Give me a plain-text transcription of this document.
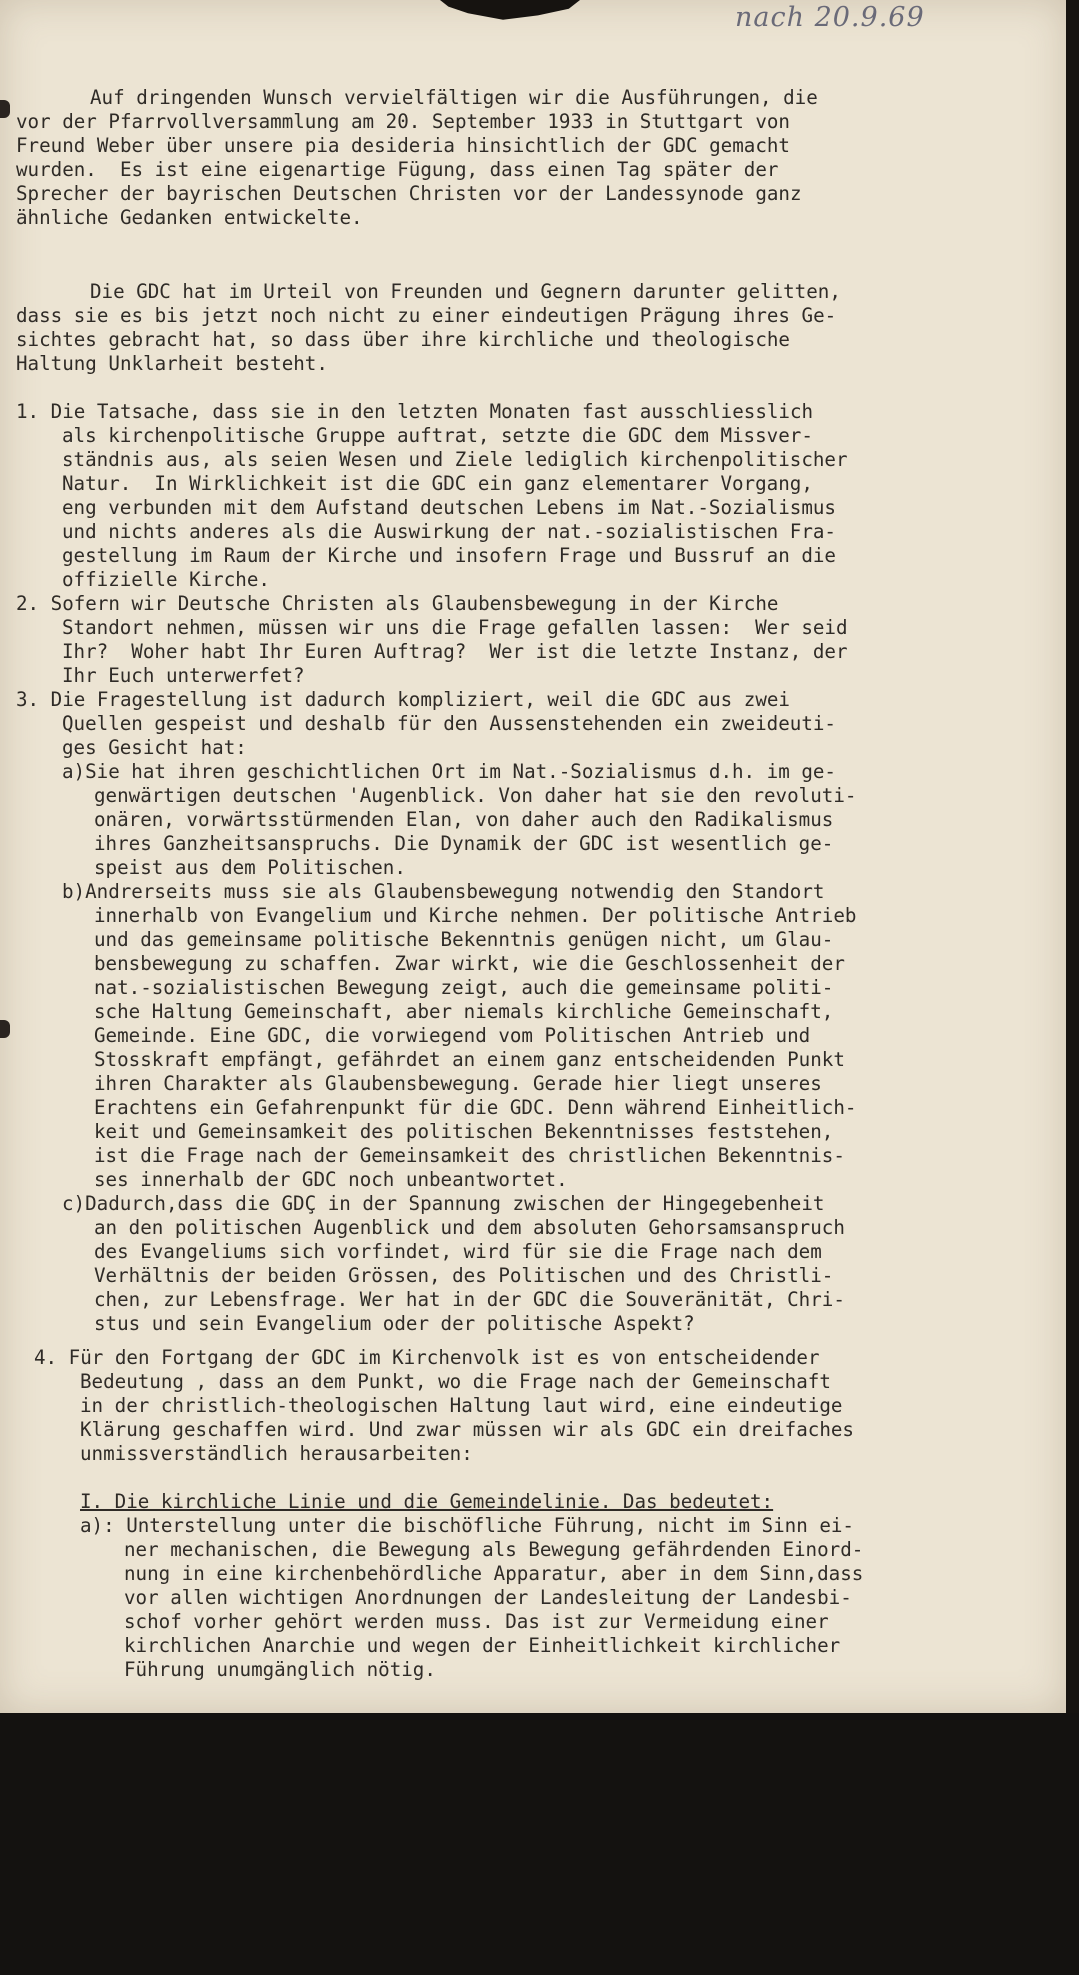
nach 20.9.69

Auf dringenden Wunsch vervielfältigen wir die Ausführungen, die

vor der Pfarrvollversammlung am 20. September 1933 in Stuttgart von

Freund Weber über unsere pia desideria hinsichtlich der GDC gemacht

wurden.  Es ist eine eigenartige Fügung, dass einen Tag später der

Sprecher der bayrischen Deutschen Christen vor der Landessynode ganz

ähnliche Gedanken entwickelte.

Die GDC hat im Urteil von Freunden und Gegnern darunter gelitten,

dass sie es bis jetzt noch nicht zu einer eindeutigen Prägung ihres Ge-

sichtes gebracht hat, so dass über ihre kirchliche und theologische

Haltung Unklarheit besteht.

1. Die Tatsache, dass sie in den letzten Monaten fast ausschliesslich

als kirchenpolitische Gruppe auftrat, setzte die GDC dem Missver-

ständnis aus, als seien Wesen und Ziele lediglich kirchenpolitischer

Natur.  In Wirklichkeit ist die GDC ein ganz elementarer Vorgang,

eng verbunden mit dem Aufstand deutschen Lebens im Nat.-Sozialismus

und nichts anderes als die Auswirkung der nat.-sozialistischen Fra-

gestellung im Raum der Kirche und insofern Frage und Bussruf an die

offizielle Kirche.

2. Sofern wir Deutsche Christen als Glaubensbewegung in der Kirche

Standort nehmen, müssen wir uns die Frage gefallen lassen:  Wer seid

Ihr?  Woher habt Ihr Euren Auftrag?  Wer ist die letzte Instanz, der

Ihr Euch unterwerfet?

3. Die Fragestellung ist dadurch kompliziert, weil die GDC aus zwei

Quellen gespeist und deshalb für den Aussenstehenden ein zweideuti-

ges Gesicht hat:

a)Sie hat ihren geschichtlichen Ort im Nat.-Sozialismus d.h. im ge-

genwärtigen deutschen 'Augenblick. Von daher hat sie den revoluti-

onären, vorwärtsstürmenden Elan, von daher auch den Radikalismus

ihres Ganzheitsanspruchs. Die Dynamik der GDC ist wesentlich ge-

speist aus dem Politischen.

b)Andrerseits muss sie als Glaubensbewegung notwendig den Standort

innerhalb von Evangelium und Kirche nehmen. Der politische Antrieb

und das gemeinsame politische Bekenntnis genügen nicht, um Glau-

bensbewegung zu schaffen. Zwar wirkt, wie die Geschlossenheit der

nat.-sozialistischen Bewegung zeigt, auch die gemeinsame politi-

sche Haltung Gemeinschaft, aber niemals kirchliche Gemeinschaft,

Gemeinde. Eine GDC, die vorwiegend vom Politischen Antrieb und

Stosskraft empfängt, gefährdet an einem ganz entscheidenden Punkt

ihren Charakter als Glaubensbewegung. Gerade hier liegt unseres

Erachtens ein Gefahrenpunkt für die GDC. Denn während Einheitlich-

keit und Gemeinsamkeit des politischen Bekenntnisses feststehen,

ist die Frage nach der Gemeinsamkeit des christlichen Bekenntnis-

ses innerhalb der GDC noch unbeantwortet.

c)Dadurch,dass die GDÇ in der Spannung zwischen der Hingegebenheit

an den politischen Augenblick und dem absoluten Gehorsamsanspruch

des Evangeliums sich vorfindet, wird für sie die Frage nach dem

Verhältnis der beiden Grössen, des Politischen und des Christli-

chen, zur Lebensfrage. Wer hat in der GDC die Souveränität, Chri-

stus und sein Evangelium oder der politische Aspekt?

4. Für den Fortgang der GDC im Kirchenvolk ist es von entscheidender

Bedeutung , dass an dem Punkt, wo die Frage nach der Gemeinschaft

in der christlich-theologischen Haltung laut wird, eine eindeutige

Klärung geschaffen wird. Und zwar müssen wir als GDC ein dreifaches

unmissverständlich herausarbeiten:

I. Die kirchliche Linie und die Gemeindelinie. Das bedeutet:

a): Unterstellung unter die bischöfliche Führung, nicht im Sinn ei-

ner mechanischen, die Bewegung als Bewegung gefährdenden Einord-

nung in eine kirchenbehördliche Apparatur, aber in dem Sinn,dass

vor allen wichtigen Anordnungen der Landesleitung der Landesbi-

schof vorher gehört werden muss. Das ist zur Vermeidung einer

kirchlichen Anarchie und wegen der Einheitlichkeit kirchlicher

Führung unumgänglich nötig.
